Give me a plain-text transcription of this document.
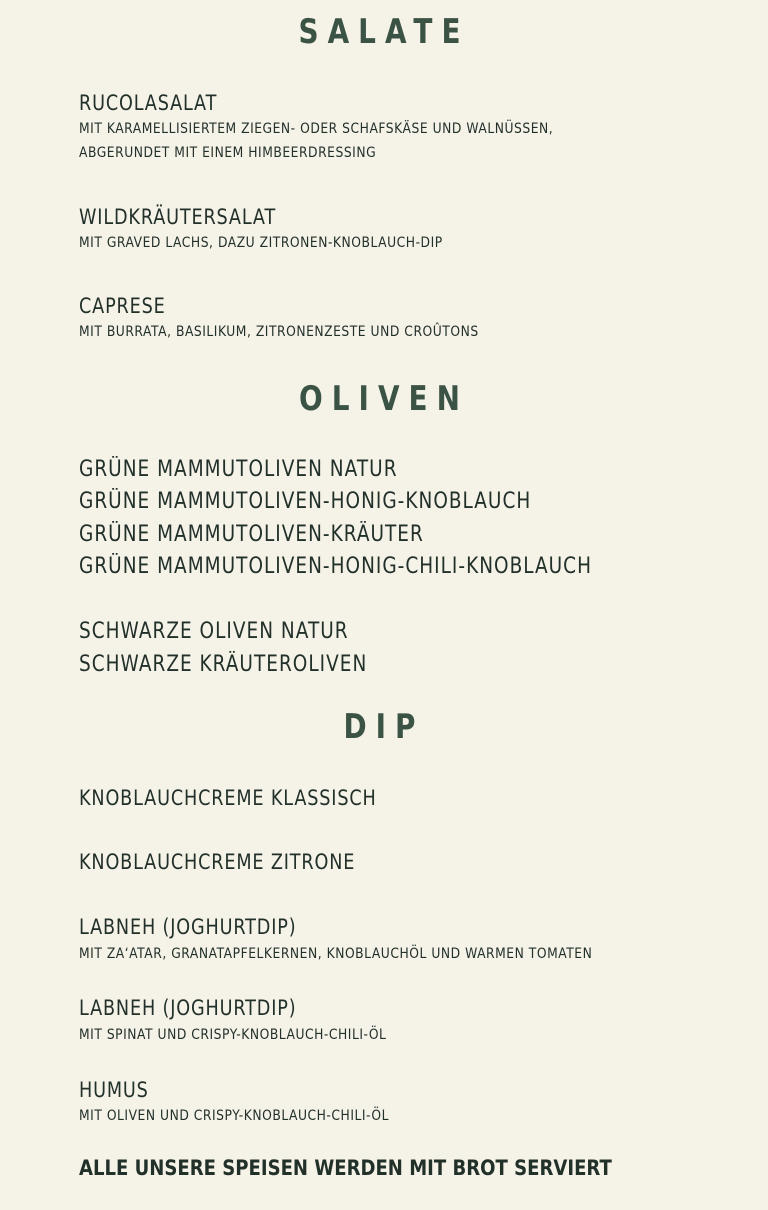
SALATE
RUCOLASALAT
MIT KARAMELLISIERTEM ZIEGEN- ODER SCHAFSKÄSE UND WALNÜSSEN,
ABGERUNDET MIT EINEM HIMBEERDRESSING
WILDKRÄUTERSALAT
MIT GRAVED LACHS, DAZU ZITRONEN-KNOBLAUCH-DIP
CAPRESE
MIT BURRATA, BASILIKUM, ZITRONENZESTE UND CROÛTONS
OLIVEN
GRÜNE MAMMUTOLIVEN NATUR
GRÜNE MAMMUTOLIVEN-HONIG-KNOBLAUCH
GRÜNE MAMMUTOLIVEN-KRÄUTER
GRÜNE MAMMUTOLIVEN-HONIG-CHILI-KNOBLAUCH
SCHWARZE OLIVEN NATUR
SCHWARZE KRÄUTEROLIVEN
DIP
KNOBLAUCHCREME KLASSISCH
KNOBLAUCHCREME ZITRONE
LABNEH (JOGHURTDIP)
MIT ZA‘ATAR, GRANATAPFELKERNEN, KNOBLAUCHÖL UND WARMEN TOMATEN
LABNEH (JOGHURTDIP)
MIT SPINAT UND CRISPY-KNOBLAUCH-CHILI-ÖL
HUMUS
MIT OLIVEN UND CRISPY-KNOBLAUCH-CHILI-ÖL
ALLE UNSERE SPEISEN WERDEN MIT BROT SERVIERT
